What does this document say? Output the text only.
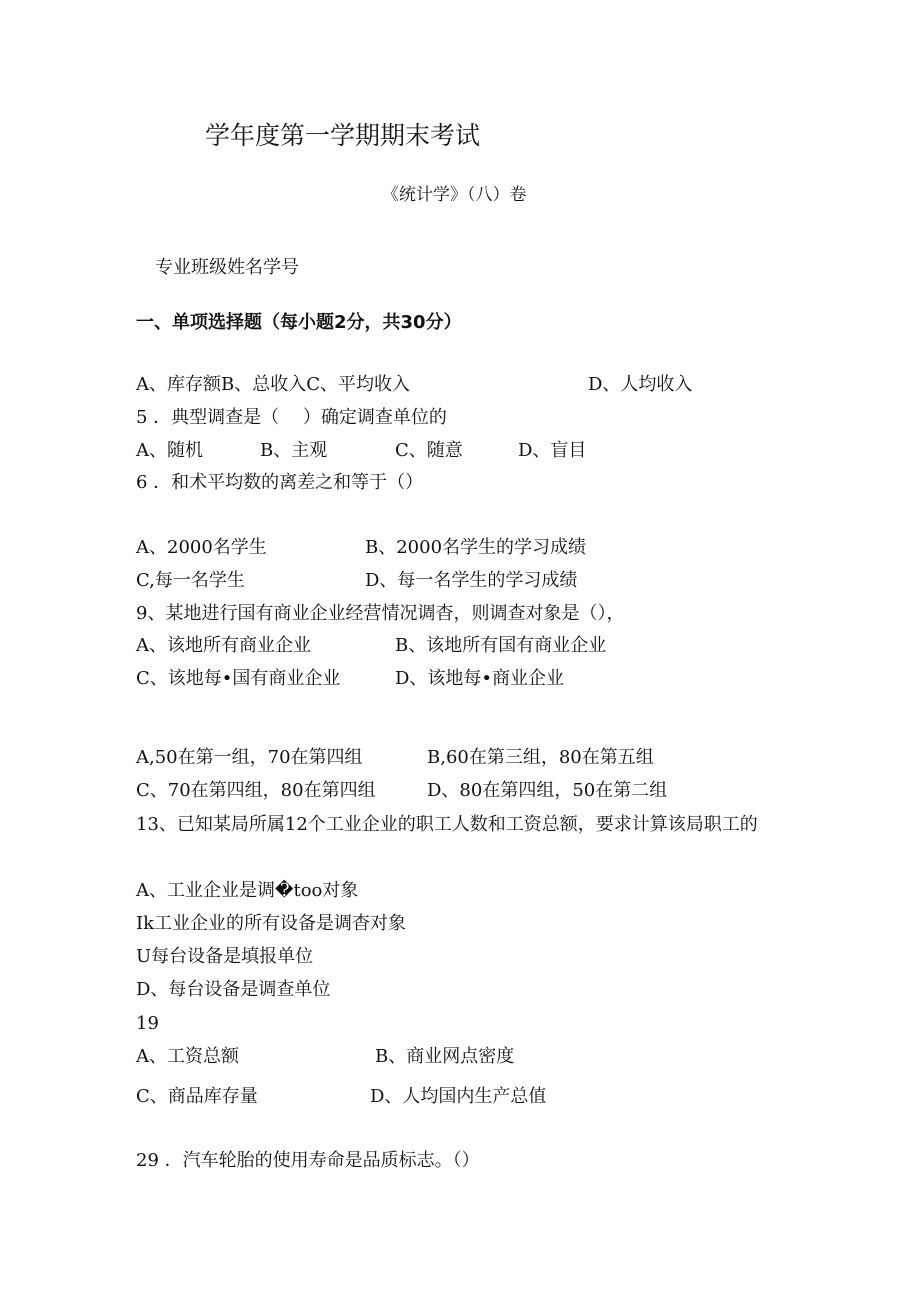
学年度第一学期期末考试
《统计学》（八）卷
专业班级姓名学号
一、单项选择题（每小题2分，共30分）
A、库存额B、总收入C、平均收入	D、人均收入
5 ．典型调查是（　 ）确定调查单位的
A、随机	B、主观	C、随意	D、盲目
6 ．和术平均数的离差之和等于（）
A、2000名学生	B、2000名学生的学习成绩
C,每一名学生	D、每一名学生的学习成绩
9、某地进行国有商业企业经营情况调杳，则调查对象是（），
A、该地所有商业企业	B、该地所有国有商业企业
C、该地每•国有商业企业	D、该地每•商业企业
A,50在第一组，70在第四组	B,60在第三组，80在第五组
C、70在第四组，80在第四组	D、80在第四组，50在第二组
13、已知某局所属12个工业企业的职工人数和工资总额，要求计算该局职工的
A、工业企业是调�too对象
Ik工业企业的所有设备是调杳对象
U每台设备是填报单位
D、每台设备是调查单位
19
A、工资总额	B、商业网点密度
C、商品库存量	D、人均国内生产总值
29 ．汽车轮胎的使用寿命是品质标志。（）
